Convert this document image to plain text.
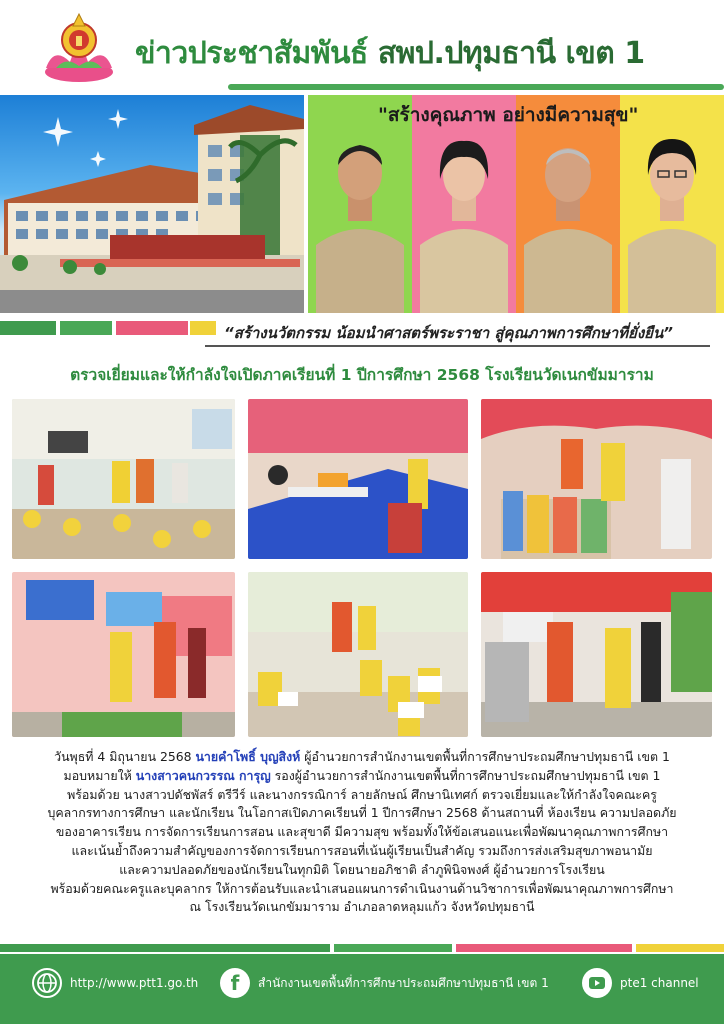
ข่าวประชาสัมพันธ์ สพป.ปทุมธานี เขต 1
"สร้างคุณภาพ อย่างมีความสุข"
“สร้างนวัตกรรม น้อมนำศาสตร์พระราชา สู่คุณภาพการศึกษาที่ยั่งยืน”
ตรวจเยี่ยมและให้กำลังใจเปิดภาคเรียนที่ 1 ปีการศึกษา 2568 โรงเรียนวัดเนกขัมมาราม
วันพุธที่ 4 มิถุนายน 2568 นายคำโพธิ์ บุญสิงห์ ผู้อำนวยการสำนักงานเขตพื้นที่การศึกษาประถมศึกษาปทุมธานี เขต 1
มอบหมายให้ นางสาวคนกวรรณ การุญ รองผู้อำนวยการสำนักงานเขตพื้นที่การศึกษาประถมศึกษาปทุมธานี เขต 1
พร้อมด้วย นางสาวปดัชพัสร์ ตรีวีร์ และนางกรรณิการ์ ลายลักษณ์ ศึกษานิเทศก์ ตรวจเยี่ยมและให้กำลังใจคณะครู
บุคลากรทางการศึกษา และนักเรียน ในโอกาสเปิดภาคเรียนที่ 1 ปีการศึกษา 2568 ด้านสถานที่ ห้องเรียน ความปลอดภัย
ของอาคารเรียน การจัดการเรียนการสอน และสุขาดี มีความสุข พร้อมทั้งให้ข้อเสนอแนะเพื่อพัฒนาคุณภาพการศึกษา
และเน้นย้ำถึงความสำคัญของการจัดการเรียนการสอนที่เน้นผู้เรียนเป็นสำคัญ รวมถึงการส่งเสริมสุขภาพอนามัย
และความปลอดภัยของนักเรียนในทุกมิติ โดยนายอภิชาติ ลำภูพินิจพงศ์ ผู้อำนวยการโรงเรียน
พร้อมด้วยคณะครูและบุคลากร ให้การต้อนรับและนำเสนอแผนการดำเนินงานด้านวิชาการเพื่อพัฒนาคุณภาพการศึกษา
ณ โรงเรียนวัดเนกขัมมาราม อำเภอลาดหลุมแก้ว จังหวัดปทุมธานี
http://www.ptt1.go.th f สำนักงานเขตพื้นที่การศึกษาประถมศึกษาปทุมธานี เขต 1	pte1 channel
